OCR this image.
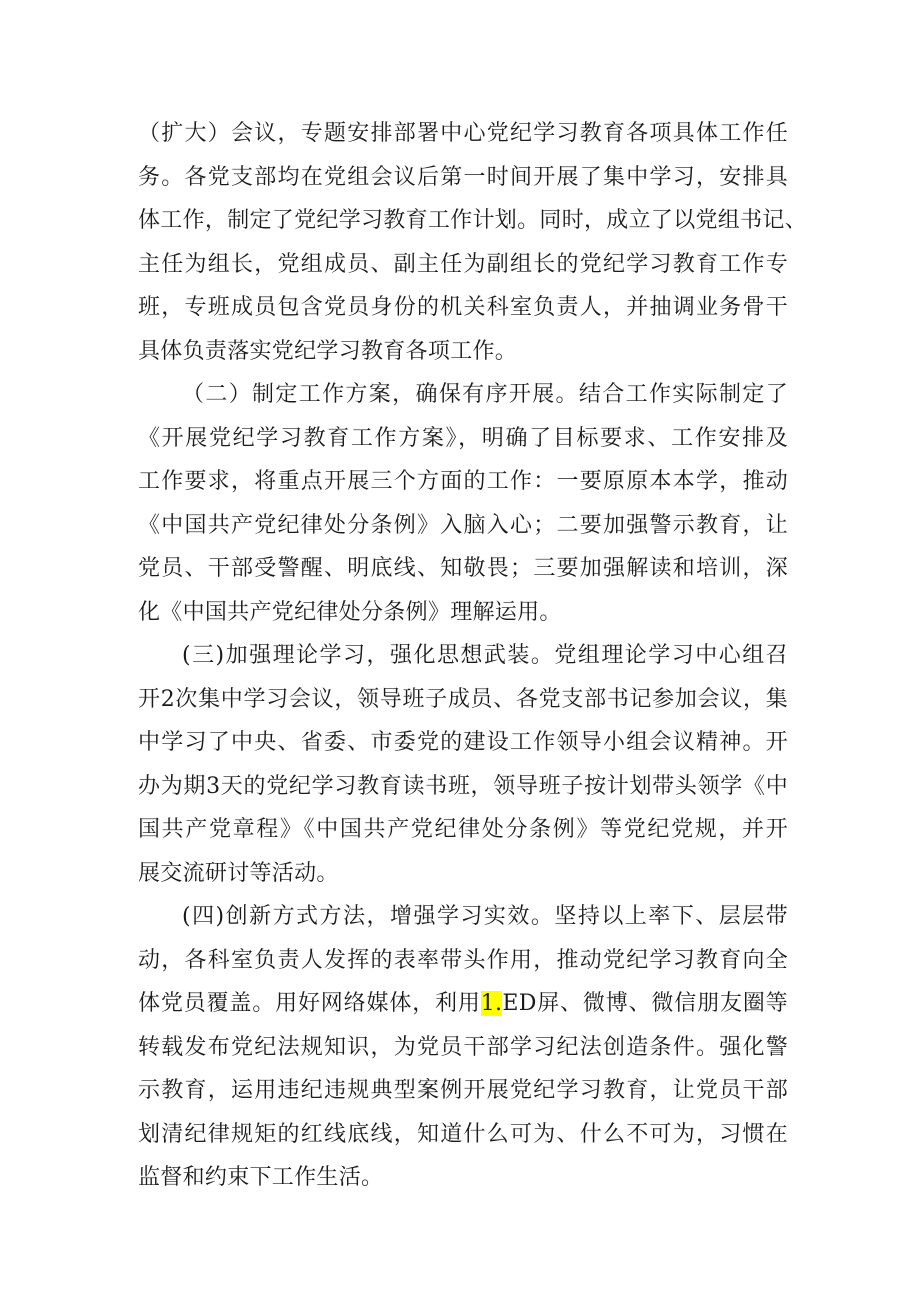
（扩大）会议，专题安排部署中心党纪学习教育各项具体工作任
务。各党支部均在党组会议后第一时间开展了集中学习，安排具
体工作，制定了党纪学习教育工作计划。同时，成立了以党组书记、
主任为组长，党组成员、副主任为副组长的党纪学习教育工作专
班，专班成员包含党员身份的机关科室负责人，并抽调业务骨干
具体负责落实党纪学习教育各项工作。
（二）制定工作方案，确保有序开展。结合工作实际制定了
《开展党纪学习教育工作方案》，明确了目标要求、工作安排及
工作要求，将重点开展三个方面的工作：一要原原本本学，推动
《中国共产党纪律处分条例》入脑入心；二要加强警示教育，让
党员、干部受警醒、明底线、知敬畏；三要加强解读和培训，深
化《中国共产党纪律处分条例》理解运用。
(三)加强理论学习，强化思想武装。党组理论学习中心组召
开2次集中学习会议，领导班子成员、各党支部书记参加会议，集
中学习了中央、省委、市委党的建设工作领导小组会议精神。开
办为期3天的党纪学习教育读书班，领导班子按计划带头领学《中
国共产党章程》《中国共产党纪律处分条例》等党纪党规，并开
展交流研讨等活动。
(四)创新方式方法，增强学习实效。坚持以上率下、层层带
动，各科室负责人发挥的表率带头作用，推动党纪学习教育向全
体党员覆盖。用好网络媒体，利用1.ED屏、微博、微信朋友圈等
转载发布党纪法规知识，为党员干部学习纪法创造条件。强化警
示教育，运用违纪违规典型案例开展党纪学习教育，让党员干部
划清纪律规矩的红线底线，知道什么可为、什么不可为，习惯在
监督和约束下工作生活。
